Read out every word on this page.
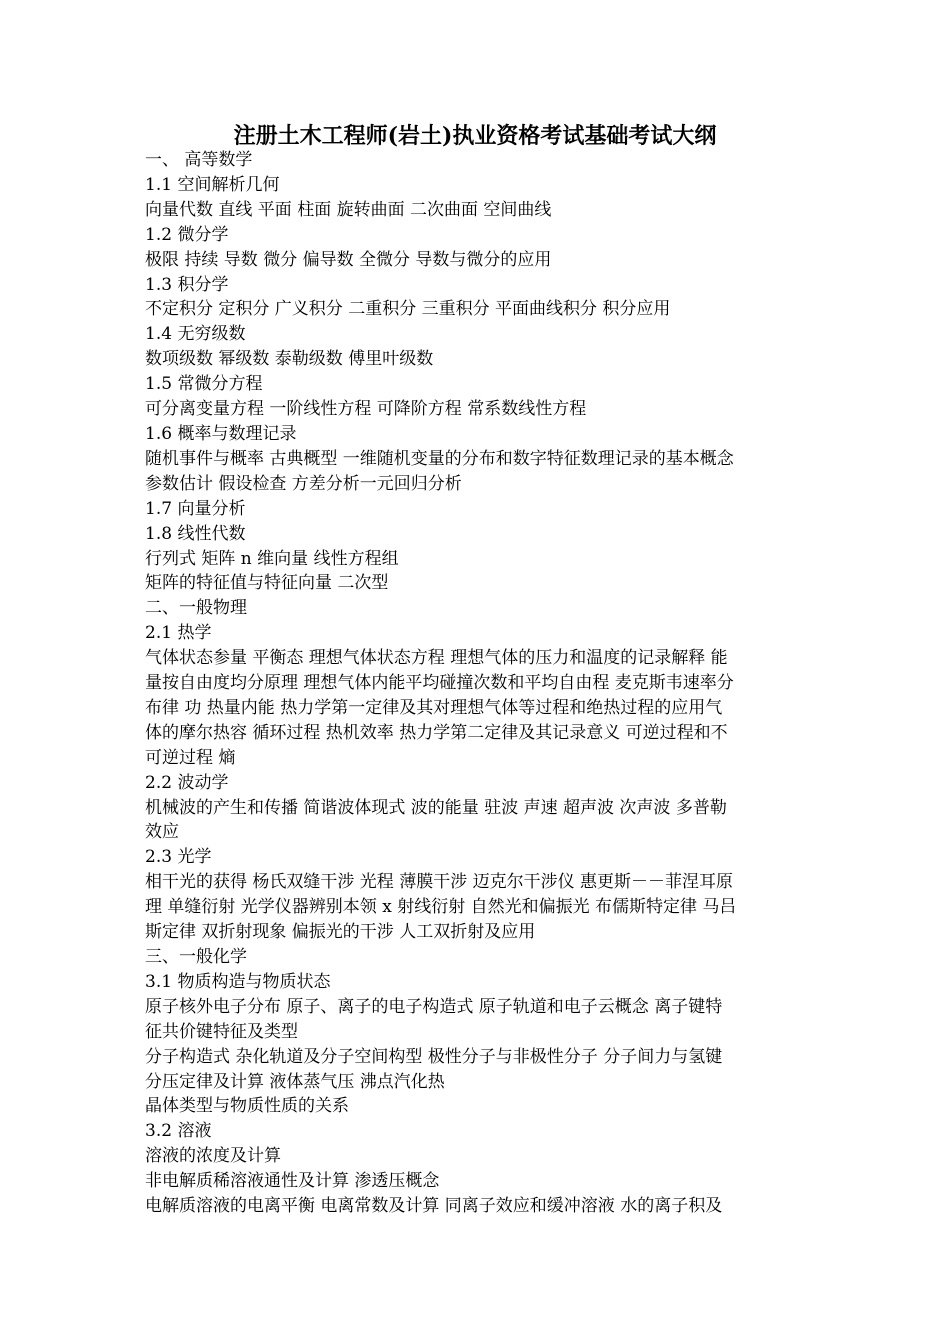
注册土木工程师(岩土)执业资格考试基础考试大纲
一、 高等数学
1.1 空间解析几何
向量代数 直线 平面 柱面 旋转曲面 二次曲面 空间曲线
1.2 微分学
极限 持续 导数 微分 偏导数 全微分 导数与微分的应用
1.3 积分学
不定积分 定积分 广义积分 二重积分 三重积分 平面曲线积分 积分应用
1.4 无穷级数
数项级数 幂级数 泰勒级数 傅里叶级数
1.5 常微分方程
可分离变量方程 一阶线性方程 可降阶方程 常系数线性方程
1.6 概率与数理记录
随机事件与概率 古典概型 一维随机变量的分布和数字特征数理记录的基本概念
参数估计 假设检查 方差分析一元回归分析
1.7 向量分析
1.8 线性代数
行列式 矩阵 n 维向量 线性方程组
矩阵的特征值与特征向量 二次型
二、一般物理
2.1 热学
气体状态参量 平衡态 理想气体状态方程 理想气体的压力和温度的记录解释 能
量按自由度均分原理 理想气体内能平均碰撞次数和平均自由程 麦克斯韦速率分
布律 功 热量内能 热力学第一定律及其对理想气体等过程和绝热过程的应用气
体的摩尔热容 循环过程 热机效率 热力学第二定律及其记录意义 可逆过程和不
可逆过程 熵
2.2 波动学
机械波的产生和传播 简谐波体现式 波的能量 驻波 声速 超声波 次声波 多普勒
效应
2.3 光学
相干光的获得 杨氏双缝干涉 光程 薄膜干涉 迈克尔干涉仪 惠更斯－－菲涅耳原
理 单缝衍射 光学仪器辨别本领 x 射线衍射 自然光和偏振光 布儒斯特定律 马吕
斯定律 双折射现象 偏振光的干涉 人工双折射及应用
三、一般化学
3.1 物质构造与物质状态
原子核外电子分布 原子、离子的电子构造式 原子轨道和电子云概念 离子键特
征共价键特征及类型
分子构造式 杂化轨道及分子空间构型 极性分子与非极性分子 分子间力与氢键
分压定律及计算 液体蒸气压 沸点汽化热
晶体类型与物质性质的关系
3.2 溶液
溶液的浓度及计算
非电解质稀溶液通性及计算 渗透压概念
电解质溶液的电离平衡 电离常数及计算 同离子效应和缓冲溶液 水的离子积及
